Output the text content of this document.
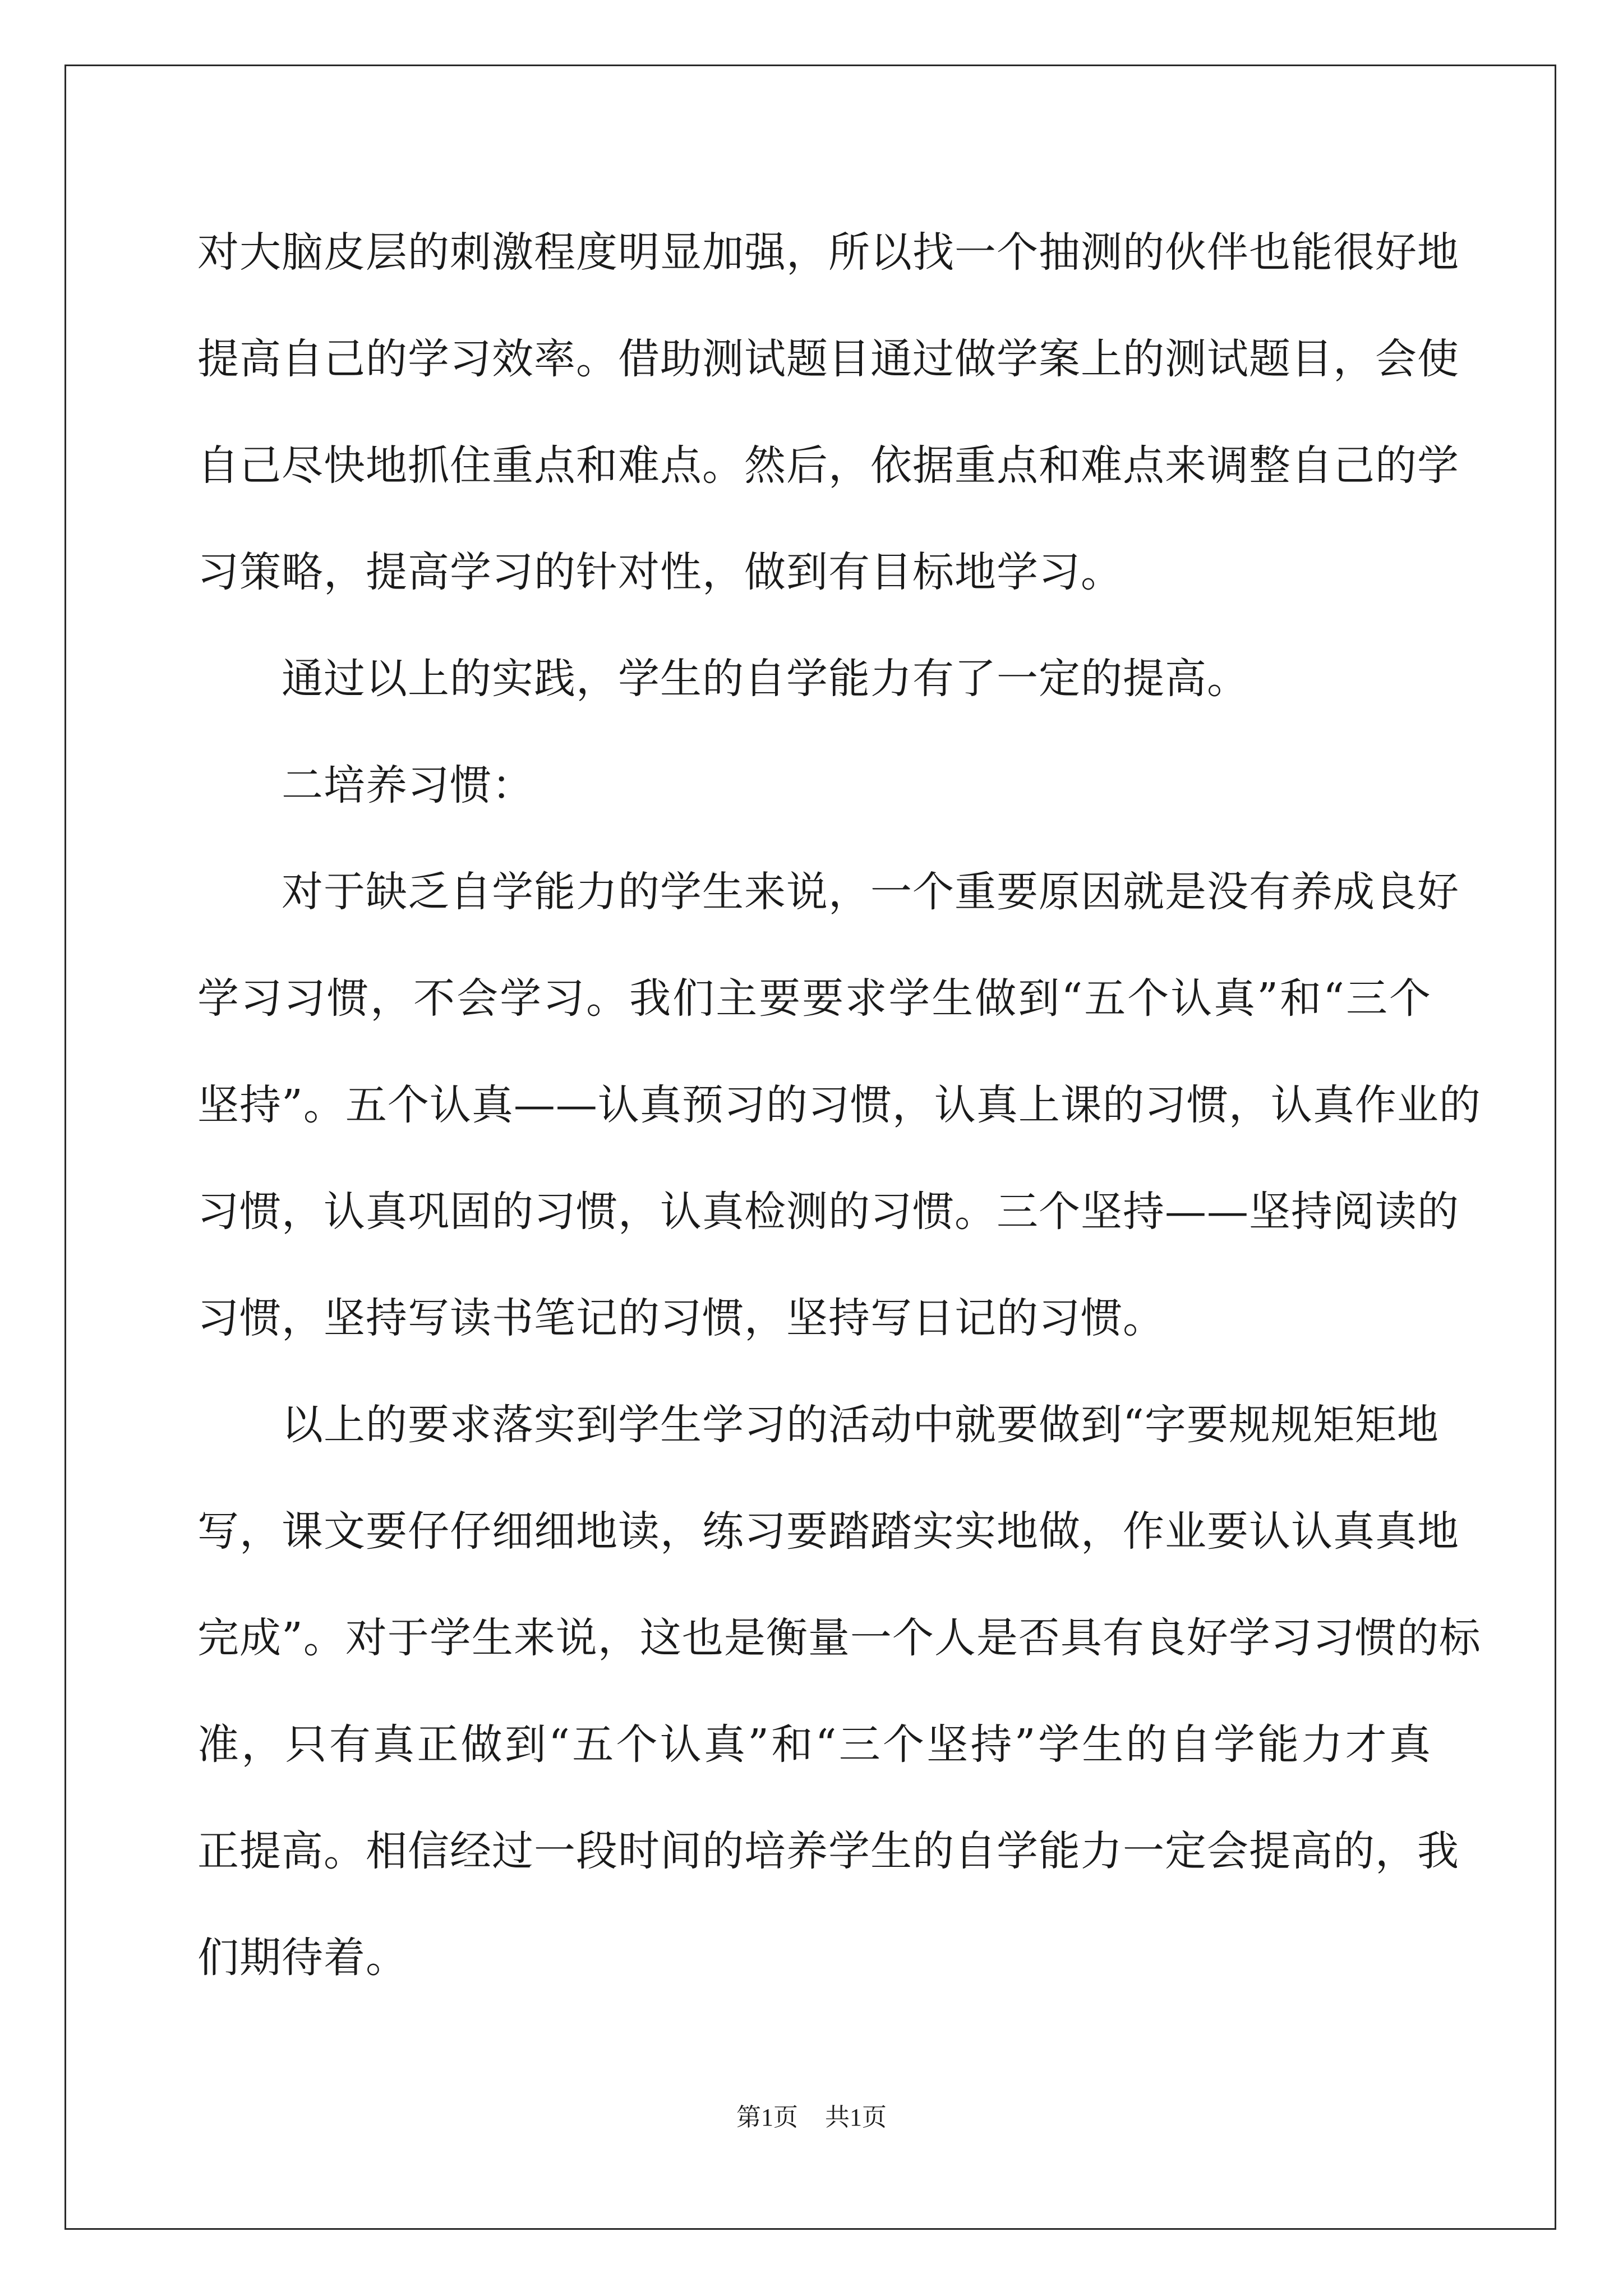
对大脑皮层的刺激程度明显加强，所以找一个抽测的伙伴也能很好地
提高自己的学习效率。借助测试题目通过做学案上的测试题目，会使
自己尽快地抓住重点和难点。然后，依据重点和难点来调整自己的学
习策略，提高学习的针对性，做到有目标地学习。
通过以上的实践，学生的自学能力有了一定的提高。
二培养习惯：
对于缺乏自学能力的学生来说，一个重要原因就是没有养成良好
学习习惯，不会学习。我们主要要求学生做到“五个认真”和“三个
坚持”。五个认真——认真预习的习惯，认真上课的习惯，认真作业的
习惯，认真巩固的习惯，认真检测的习惯。三个坚持——坚持阅读的
习惯，坚持写读书笔记的习惯，坚持写日记的习惯。
以上的要求落实到学生学习的活动中就要做到“字要规规矩矩地
写，课文要仔仔细细地读，练习要踏踏实实地做，作业要认认真真地
完成”。对于学生来说，这也是衡量一个人是否具有良好学习习惯的标
准，只有真正做到“五个认真”和“三个坚持”学生的自学能力才真
正提高。相信经过一段时间的培养学生的自学能力一定会提高的，我
们期待着。
第1页 共1页
